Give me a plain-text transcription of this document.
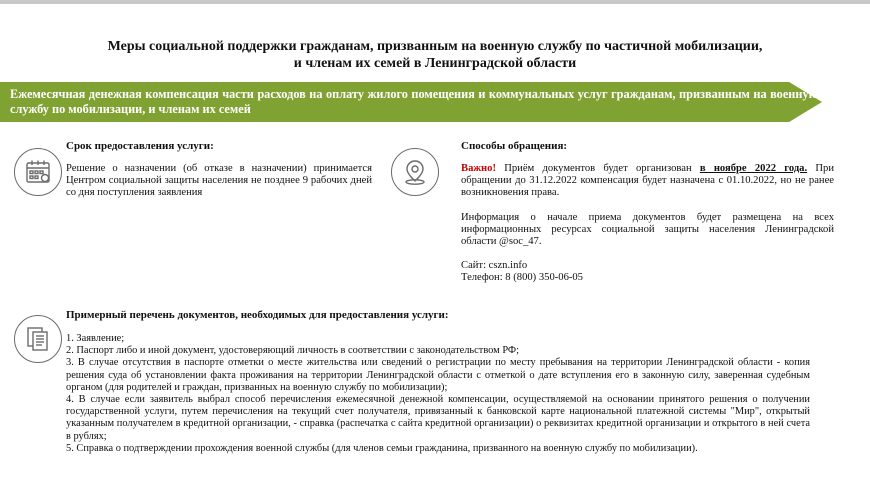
Меры социальной поддержки гражданам, призванным на военную службу по частичной мобилизации,
и членам их семей в Ленинградской области
Ежемесячная денежная компенсация части расходов на оплату жилого помещения и коммунальных услуг гражданам, призванным на военную службу по мобилизации, и членам их семей
Срок предоставления услуги:
Решение о назначении (об отказе в назначении) принимается Центром социальной защиты населения не позднее 9 рабочих дней со дня поступления заявления
Способы обращения:
Важно! Приём документов будет организован в ноябре 2022 года. При обращении до 31.12.2022 компенсация будет назначена с 01.10.2022, но не ранее возникновения права.
Информация о начале приема документов будет размещена на всех информационных ресурсах социальной защиты населения Ленинградской области @soc_47.
Сайт: cszn.info
Телефон: 8 (800) 350-06-05
Примерный перечень документов, необходимых для предоставления услуги:
1. Заявление;
2. Паспорт либо и иной документ, удостоверяющий личность в соответствии с законодательством РФ;
3. В случае отсутствия в паспорте отметки о месте жительства или сведений о регистрации по месту пребывания на территории Ленинградской области - копия решения суда об установлении факта проживания на территории Ленинградской области с отметкой о дате вступления его в законную силу, заверенная судебным органом (для родителей и граждан, призванных на военную службу по мобилизации);
4. В случае если заявитель выбрал способ перечисления ежемесячной денежной компенсации, осуществляемой на основании принятого решения о получении государственной услуги, путем перечисления на текущий счет получателя, привязанный к банковской карте национальной платежной системы "Мир", открытый указанным получателем в кредитной организации, - справка (распечатка с сайта кредитной организации) о реквизитах кредитной организации и открытого в ней счета в рублях;
5. Справка о подтверждении прохождения военной службы (для членов семьи гражданина, призванного на военную службу по мобилизации).
